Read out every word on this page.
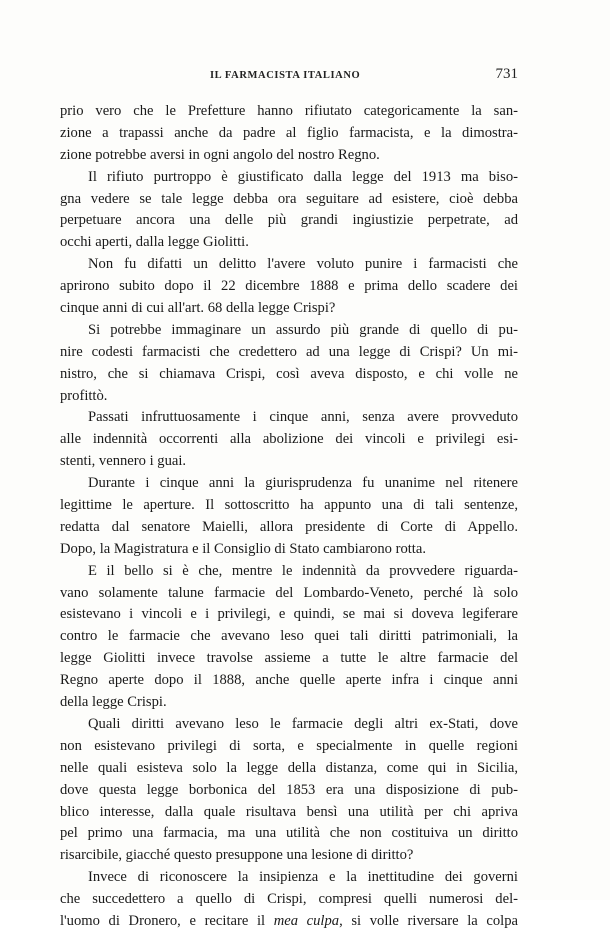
IL FARMACISTA ITALIANO	731
prio vero che le Prefetture hanno rifiutato categoricamente la san-
zione a trapassi anche da padre al figlio farmacista, e la dimostra-
zione potrebbe aversi in ogni angolo del nostro Regno.
Il rifiuto purtroppo è giustificato dalla legge del 1913 ma biso-
gna vedere se tale legge debba ora seguitare ad esistere, cioè debba
perpetuare ancora una delle più grandi ingiustizie perpetrate, ad
occhi aperti, dalla legge Giolitti.
Non fu difatti un delitto l'avere voluto punire i farmacisti che
aprirono subito dopo il 22 dicembre 1888 e prima dello scadere dei
cinque anni di cui all'art. 68 della legge Crispi?
Si potrebbe immaginare un assurdo più grande di quello di pu-
nire codesti farmacisti che credettero ad una legge di Crispi? Un mi-
nistro, che si chiamava Crispi, così aveva disposto, e chi volle ne
profittò.
Passati infruttuosamente i cinque anni, senza avere provveduto
alle indennità occorrenti alla abolizione dei vincoli e privilegi esi-
stenti, vennero i guai.
Durante i cinque anni la giurisprudenza fu unanime nel ritenere
legittime le aperture. Il sottoscritto ha appunto una di tali sentenze,
redatta dal senatore Maielli, allora presidente di Corte di Appello.
Dopo, la Magistratura e il Consiglio di Stato cambiarono rotta.
E il bello si è che, mentre le indennità da provvedere riguarda-
vano solamente talune farmacie del Lombardo-Veneto, perché là solo
esistevano i vincoli e i privilegi, e quindi, se mai si doveva legiferare
contro le farmacie che avevano leso quei tali diritti patrimoniali, la
legge Giolitti invece travolse assieme a tutte le altre farmacie del
Regno aperte dopo il 1888, anche quelle aperte infra i cinque anni
della legge Crispi.
Quali diritti avevano leso le farmacie degli altri ex-Stati, dove
non esistevano privilegi di sorta, e specialmente in quelle regioni
nelle quali esisteva solo la legge della distanza, come qui in Sicilia,
dove questa legge borbonica del 1853 era una disposizione di pub-
blico interesse, dalla quale risultava bensì una utilità per chi apriva
pel primo una farmacia, ma una utilità che non costituiva un diritto
risarcibile, giacché questo presuppone una lesione di diritto?
Invece di riconoscere la insipienza e la inettitudine dei governi
che succedettero a quello di Crispi, compresi quelli numerosi del-
l'uomo di Dronero, e recitare il mea culpa, si volle riversare la colpa
